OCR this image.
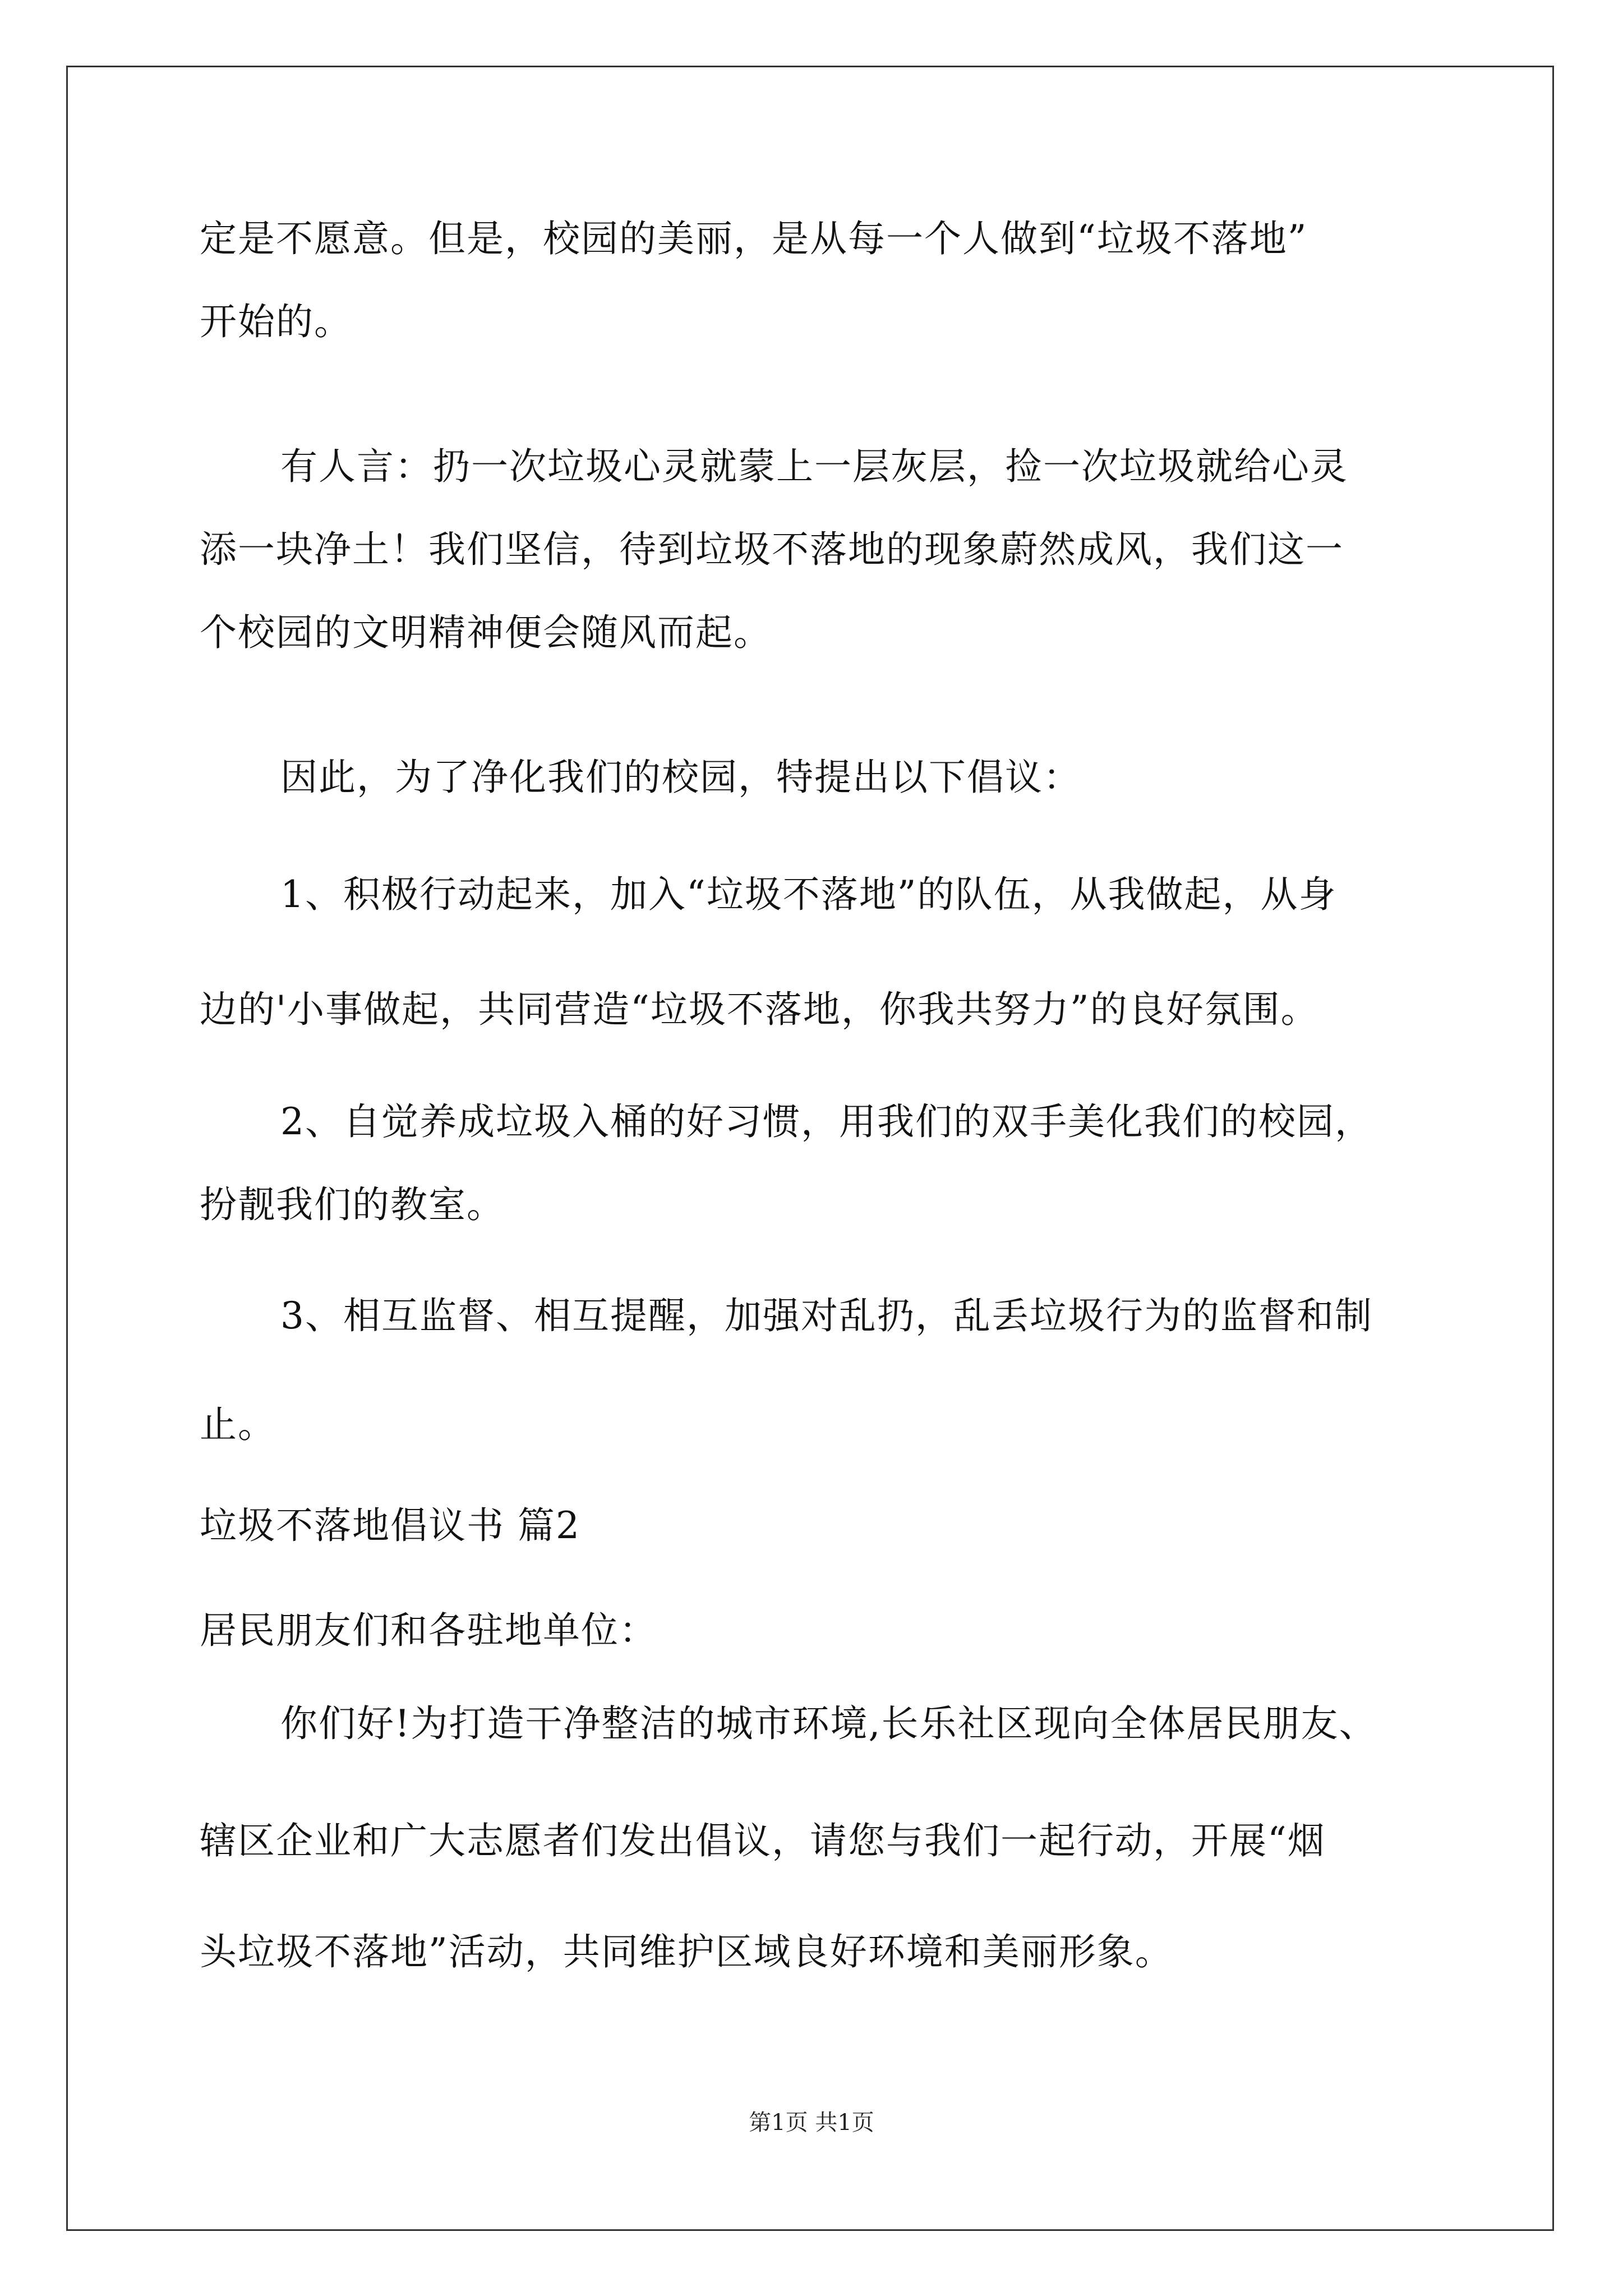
定是不愿意。但是，校园的美丽，是从每一个人做到“垃圾不落地”
开始的。
有人言：扔一次垃圾心灵就蒙上一层灰层，捡一次垃圾就给心灵
添一块净土！我们坚信，待到垃圾不落地的现象蔚然成风，我们这一
个校园的文明精神便会随风而起。
因此，为了净化我们的校园，特提出以下倡议：
1、积极行动起来，加入“垃圾不落地”的队伍，从我做起，从身
边的'小事做起，共同营造“垃圾不落地，你我共努力”的良好氛围。
2、自觉养成垃圾入桶的好习惯，用我们的双手美化我们的校园，
扮靓我们的教室。
3、相互监督、相互提醒，加强对乱扔，乱丢垃圾行为的监督和制
止。
垃圾不落地倡议书 篇2
居民朋友们和各驻地单位：
你们好!为打造干净整洁的城市环境,长乐社区现向全体居民朋友、
辖区企业和广大志愿者们发出倡议，请您与我们一起行动，开展“烟
头垃圾不落地”活动，共同维护区域良好环境和美丽形象。
第1页 共1页
